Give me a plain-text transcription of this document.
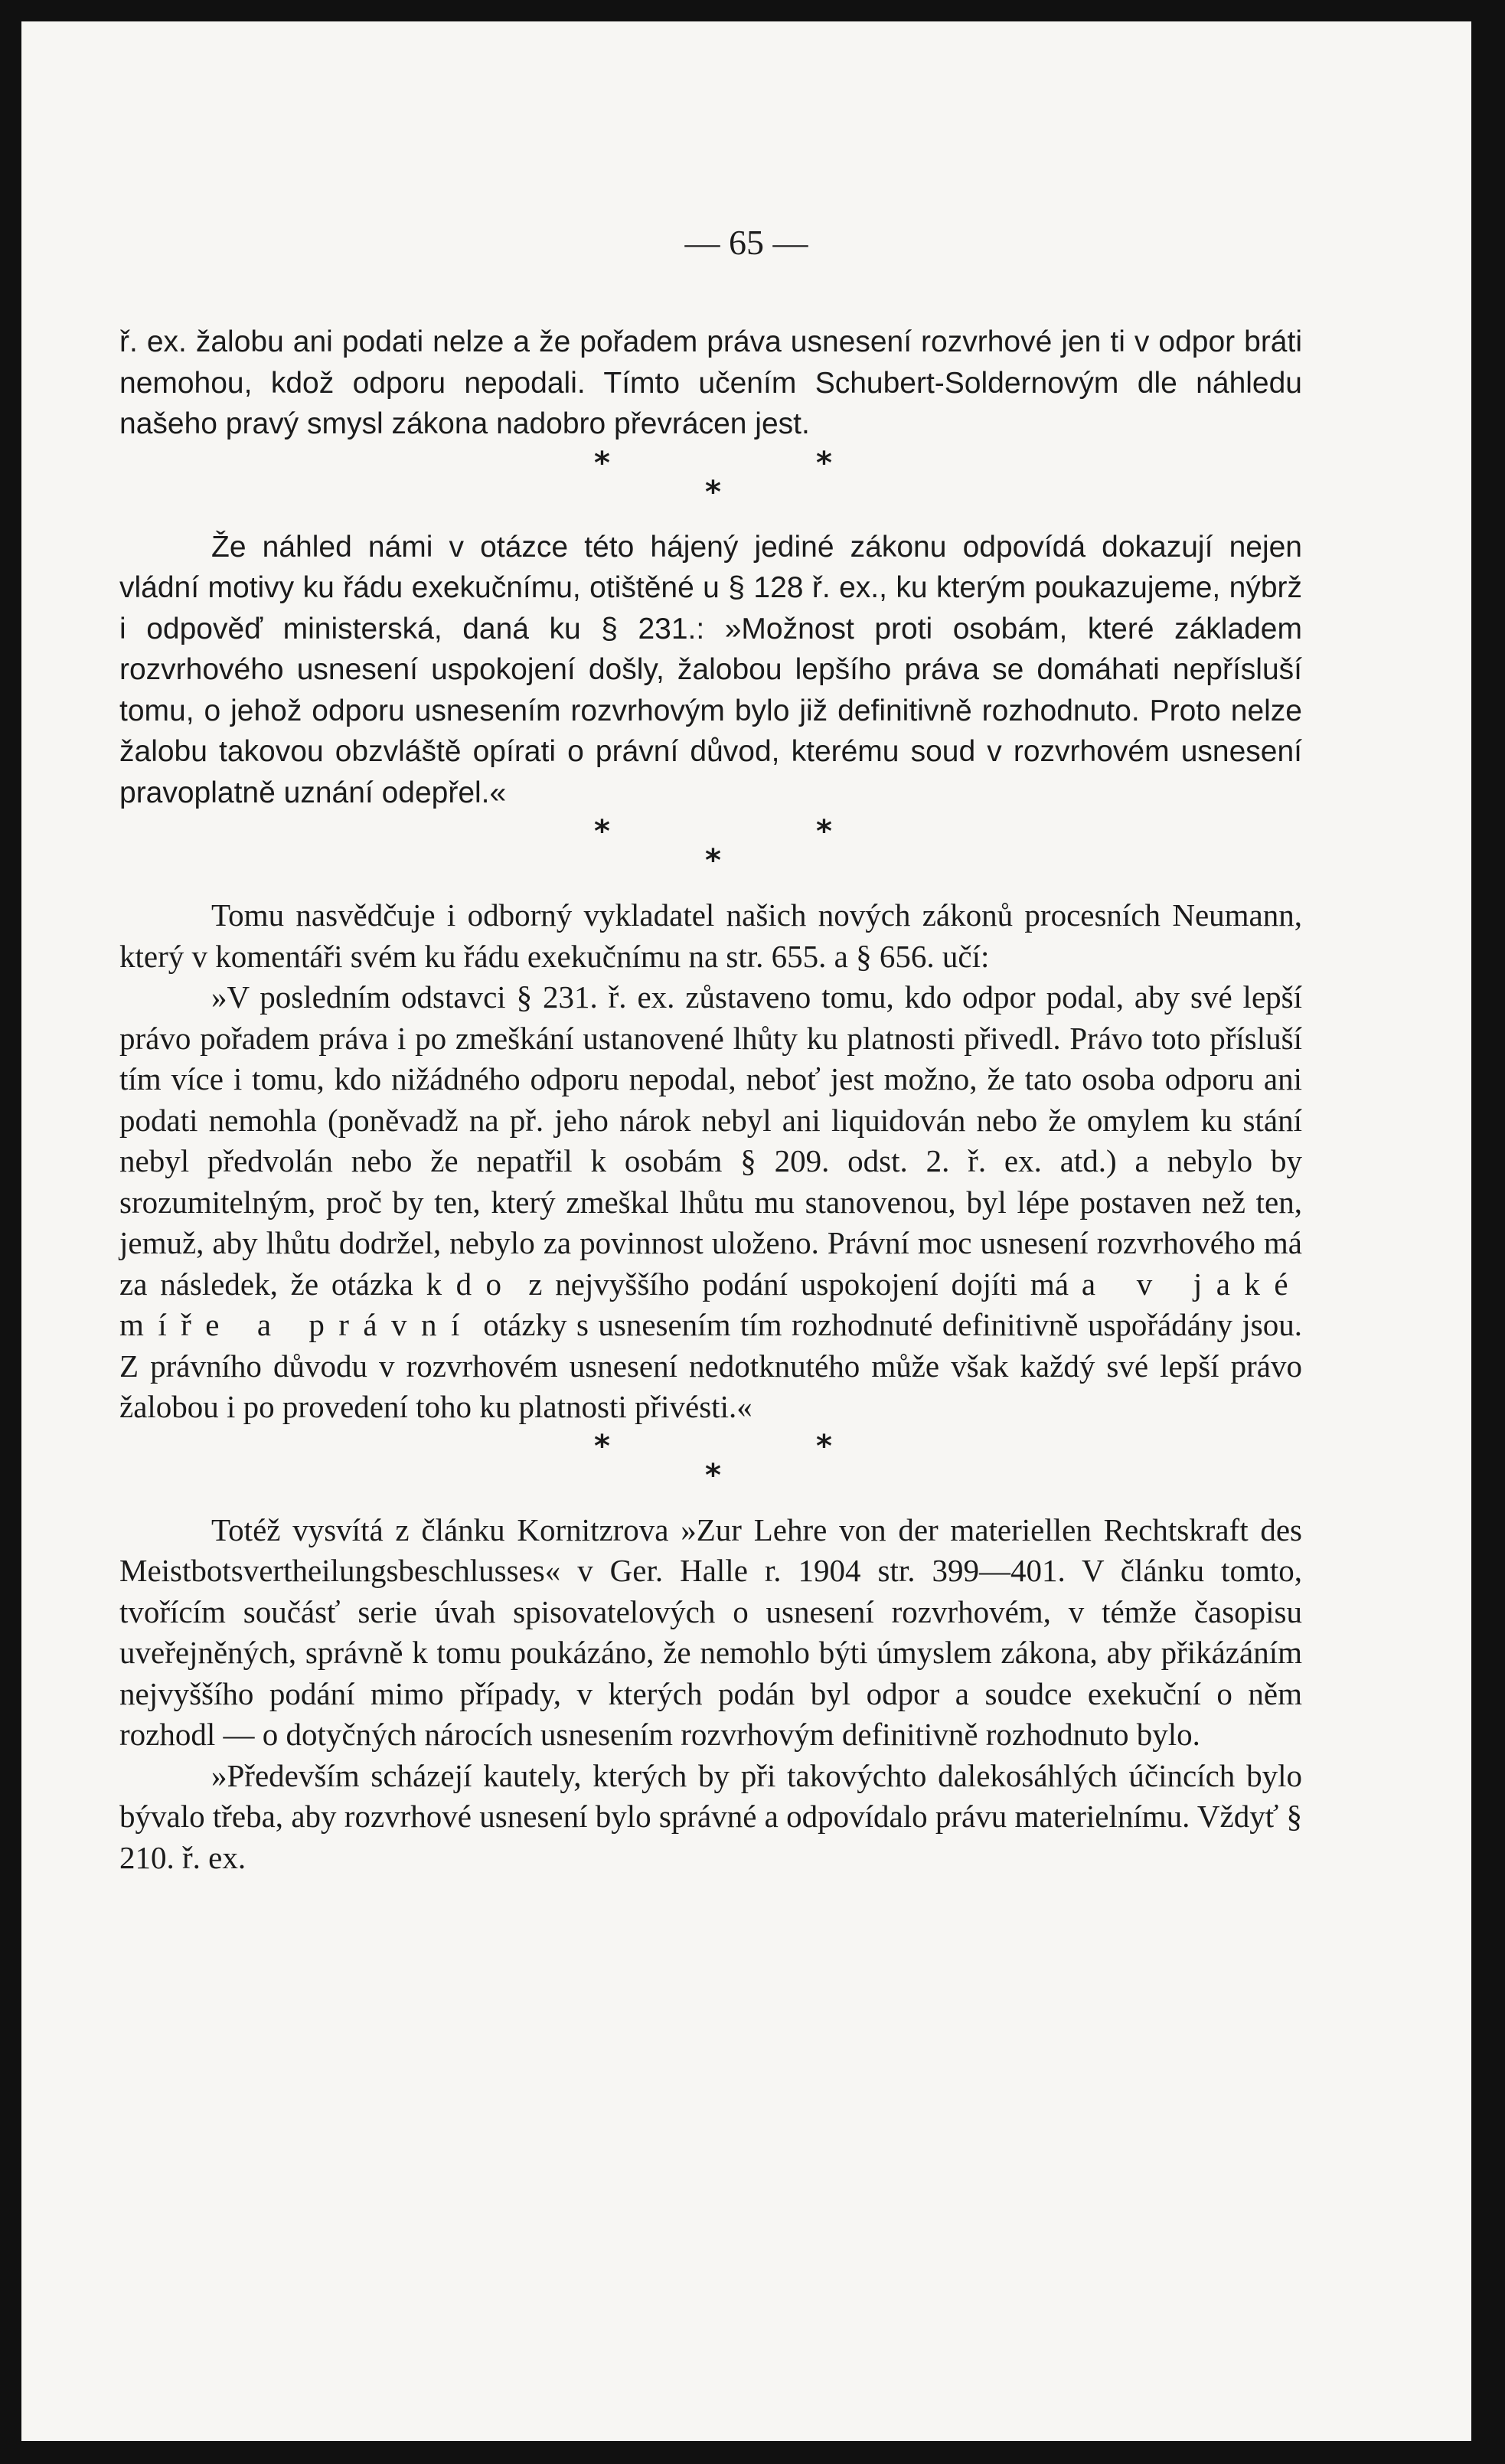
— 65 —

ř. ex. žalobu ani podati nelze a že pořadem práva usnesení rozvrhové jen ti v odpor bráti nemohou, kdož odporu nepodali. Tímto učením Schubert-Soldernovým dle náhledu našeho pravý smysl zákona nadobro převrácen jest.

*
*
*

Že náhled námi v otázce této hájený jediné zákonu odpovídá dokazují nejen vládní motivy ku řádu exekučnímu, otištěné u § 128 ř. ex., ku kterým poukazujeme, nýbrž i odpověď ministerská, daná ku § 231.: »Možnost proti osobám, které základem rozvrhového usnesení uspokojení došly, žalobou lepšího práva se domáhati nepřísluší tomu, o jehož odporu usnesením rozvrhovým bylo již definitivně rozhodnuto. Proto nelze žalobu takovou obzvláště opírati o právní důvod, kterému soud v rozvrhovém usnesení pravoplatně uznání odepřel.«

*
*
*

Tomu nasvědčuje i odborný vykladatel našich nových zákonů procesních Neumann, který v komentáři svém ku řádu exekučnímu na str. 655. a § 656. učí:

»V posledním odstavci § 231. ř. ex. zůstaveno tomu, kdo odpor podal, aby své lepší právo pořadem práva i po zmeškání ustanovené lhůty ku platnosti přivedl. Právo toto přísluší tím více i tomu, kdo nižádného odporu nepodal, neboť jest možno, že tato osoba odporu ani podati nemohla (poněvadž na př. jeho nárok nebyl ani liquidován nebo že omylem ku stání nebyl předvolán nebo že nepatřil k osobám § 209. odst. 2. ř. ex. atd.) a nebylo by srozumitelným, proč by ten, který zmeškal lhůtu mu stanovenou, byl lépe postaven než ten, jemuž, aby lhůtu dodržel, nebylo za povinnost uloženo. Právní moc usnesení rozvrhového má za následek, že otázka kdo z nejvyššího podání uspokojení dojíti má a v jaké míře a právní otázky s usnesením tím rozhodnuté definitivně uspořádány jsou. Z právního důvodu v rozvrhovém usnesení nedotknutého může však každý své lepší právo žalobou i po provedení toho ku platnosti přivésti.«

*
*
*

Totéž vysvítá z článku Kornitzrova »Zur Lehre von der materiellen Rechtskraft des Meistbotsvertheilungsbeschlusses« v Ger. Halle r. 1904 str. 399—401. V článku tomto, tvořícím součásť serie úvah spisovatelových o usnesení rozvrhovém, v témže časopisu uveřejněných, správně k tomu poukázáno, že nemohlo býti úmyslem zákona, aby přikázáním nejvyššího podání mimo případy, v kterých podán byl odpor a soudce exekuční o něm rozhodl — o dotyčných nárocích usnesením rozvrhovým definitivně rozhodnuto bylo.

»Především scházejí kautely, kterých by při takovýchto dalekosáhlých účincích bylo bývalo třeba, aby rozvrhové usnesení bylo správné a odpovídalo právu materielnímu. Vždyť § 210. ř. ex.
